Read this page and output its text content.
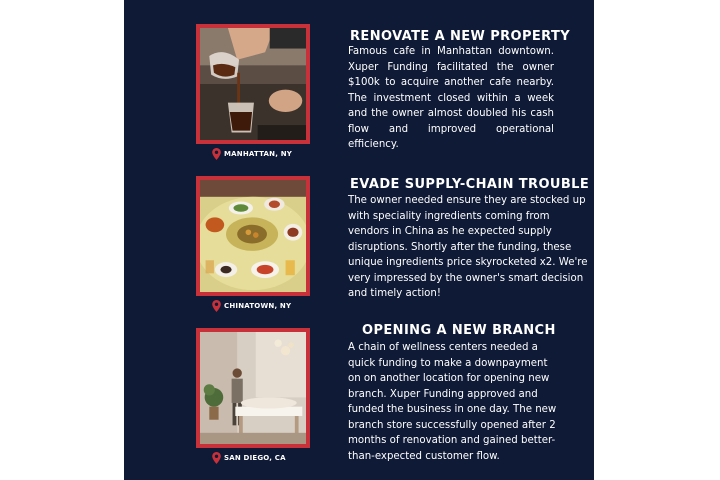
MANHATTAN, NY
RENOVATE A NEW PROPERTY
Famous cafe in Manhattan downtown. Xuper Funding facilitated the owner $100k to acquire another cafe nearby. The investment closed within a week and the owner almost doubled his cash flow and improved operational efficiency.
CHINATOWN, NY
EVADE SUPPLY-CHAIN TROUBLE
The owner needed ensure they are stocked up with speciality ingredients coming from vendors in China as he expected supply disruptions. Shortly after the funding, these unique ingredients price skyrocketed x2. We're very impressed by the owner's smart decision and timely action!
SAN DIEGO, CA
OPENING A NEW BRANCH
A chain of wellness centers needed a quick funding to make a downpayment on on another location for opening new branch. Xuper Funding approved and funded the business in one day. The new branch store successfully opened after 2 months of renovation and gained better-than-expected customer flow.
